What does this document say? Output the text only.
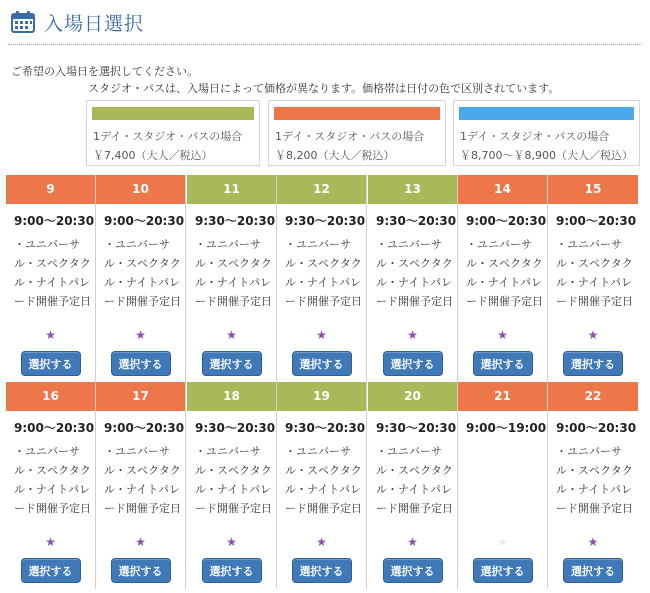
入場日選択
ご希望の入場日を選択してください。
スタジオ・パスは、入場日によって価格が異なります。価格帯は日付の色で区別されています。
1デイ・スタジオ・パスの場合
￥7,400（大人／税込）
1デイ・スタジオ・パスの場合
￥8,200（大人／税込）
1デイ・スタジオ・パスの場合
￥8,700～￥8,900（大人／税込）
9
9:00～20:30
・ユニバーサル・スペクタクル・ナイトパレード開催予定日
★
選択する
10
9:00～20:30
・ユニバーサル・スペクタクル・ナイトパレード開催予定日
★
選択する
11
9:30～20:30
・ユニバーサル・スペクタクル・ナイトパレード開催予定日
★
選択する
12
9:30～20:30
・ユニバーサル・スペクタクル・ナイトパレード開催予定日
★
選択する
13
9:30～20:30
・ユニバーサル・スペクタクル・ナイトパレード開催予定日
★
選択する
14
9:00～20:30
・ユニバーサル・スペクタクル・ナイトパレード開催予定日
★
選択する
15
9:00～20:30
・ユニバーサル・スペクタクル・ナイトパレード開催予定日
★
選択する
16
9:00～20:30
・ユニバーサル・スペクタクル・ナイトパレード開催予定日
★
選択する
17
9:00～20:30
・ユニバーサル・スペクタクル・ナイトパレード開催予定日
★
選択する
18
9:30～20:30
・ユニバーサル・スペクタクル・ナイトパレード開催予定日
★
選択する
19
9:30～20:30
・ユニバーサル・スペクタクル・ナイトパレード開催予定日
★
選択する
20
9:30～20:30
・ユニバーサル・スペクタクル・ナイトパレード開催予定日
★
選択する
21
9:00～19:00
★
選択する
22
9:00～20:30
・ユニバーサル・スペクタクル・ナイトパレード開催予定日
★
選択する
